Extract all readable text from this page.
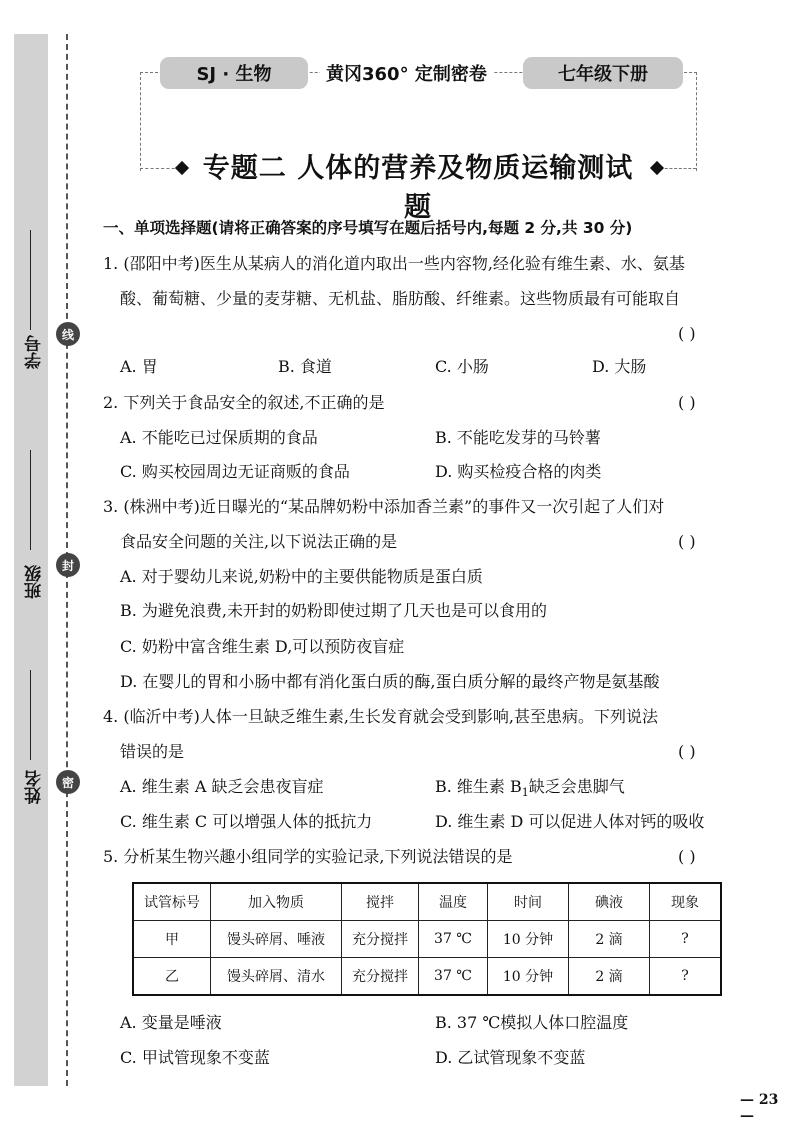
学号
班级
姓名
线
封
密
SJ · 生物	黄冈360° 定制密卷	七年级下册
专题二 人体的营养及物质运输测试题
一、单项选择题(请将正确答案的序号填写在题后括号内,每题 2 分,共 30 分)
1. (邵阳中考)医生从某病人的消化道内取出一些内容物,经化验有维生素、水、氨基
酸、葡萄糖、少量的麦芽糖、无机盐、脂肪酸、纤维素。这些物质最有可能取自
( )
A. 胃	B. 食道	C. 小肠	D. 大肠
2. 下列关于食品安全的叙述,不正确的是	( )
A. 不能吃已过保质期的食品	B. 不能吃发芽的马铃薯
C. 购买校园周边无证商贩的食品	D. 购买检疫合格的肉类
3. (株洲中考)近日曝光的“某品牌奶粉中添加香兰素”的事件又一次引起了人们对
食品安全问题的关注,以下说法正确的是	( )
A. 对于婴幼儿来说,奶粉中的主要供能物质是蛋白质
B. 为避免浪费,未开封的奶粉即使过期了几天也是可以食用的
C. 奶粉中富含维生素 D,可以预防夜盲症
D. 在婴儿的胃和小肠中都有消化蛋白质的酶,蛋白质分解的最终产物是氨基酸
4. (临沂中考)人体一旦缺乏维生素,生长发育就会受到影响,甚至患病。下列说法
错误的是	( )
A. 维生素 A 缺乏会患夜盲症	B. 维生素 $B_1$缺乏会患脚气
C. 维生素 C 可以增强人体的抵抗力	D. 维生素 D 可以促进人体对钙的吸收
5. 分析某生物兴趣小组同学的实验记录,下列说法错误的是	( )
试管标号	加入物质	搅拌	温度	时间	碘液	现象
甲	馒头碎屑、唾液	充分搅拌	37 ℃	10 分钟	2 滴	?
乙	馒头碎屑、清水	充分搅拌	37 ℃	10 分钟	2 滴	?
A. 变量是唾液	B. 37 ℃模拟人体口腔温度
C. 甲试管现象不变蓝	D. 乙试管现象不变蓝
— 23 —
